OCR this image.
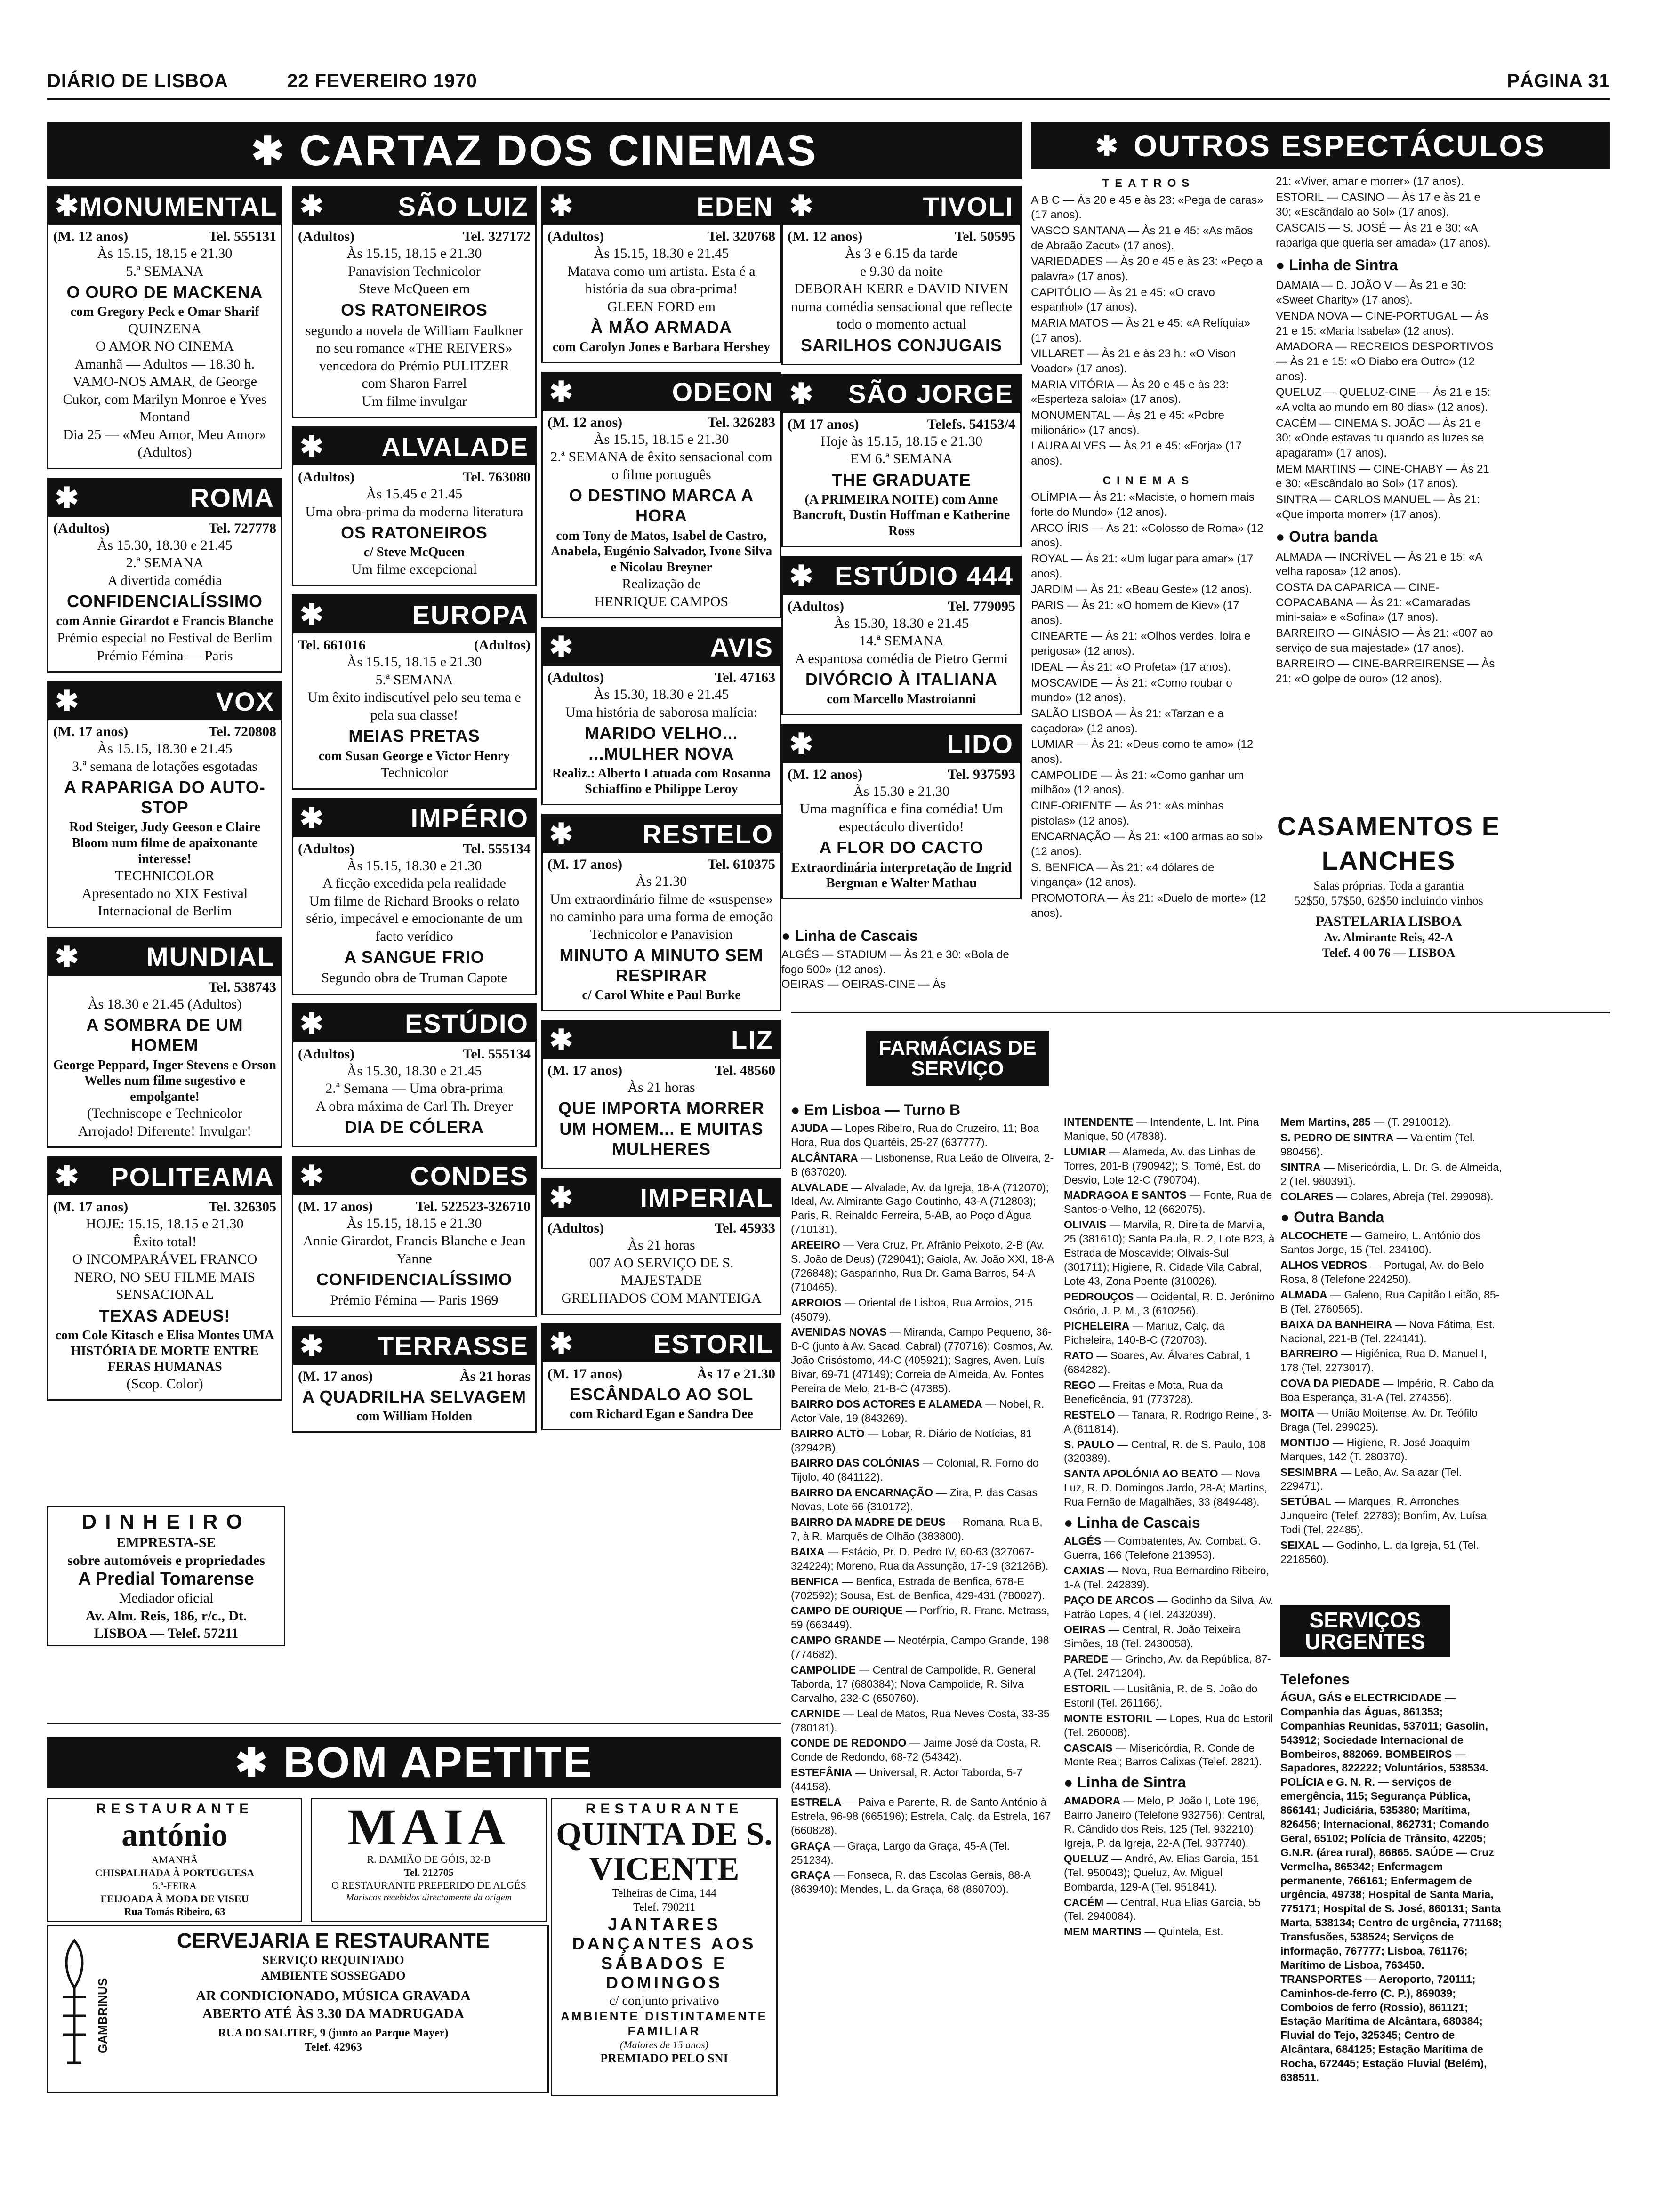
DIÁRIO DE LISBOA	22 FEVEREIRO 1970	PÁGINA 31
✱ CARTAZ DOS CINEMAS	✱ OUTROS ESPECTÁCULOS
✱ MONUMENTAL
(M. 12 anos)	Tel. 555131
Às 15.15, 18.15 e 21.30
5.ª SEMANA
O OURO DE MACKENA
com Gregory Peck e Omar Sharif
QUINZENA
O AMOR NO CINEMA
Amanhã — Adultos — 18.30 h.
VAMO-NOS AMAR, de George Cukor, com Marilyn Monroe e Yves Montand
Dia 25 — «Meu Amor, Meu Amor» (Adultos)
✱	ROMA
(Adultos)	Tel. 727778
Às 15.30, 18.30 e 21.45
2.ª SEMANA
A divertida comédia
CONFIDENCIALÍSSIMO
com Annie Girardot e Francis Blanche
Prémio especial no Festival de Berlim
Prémio Fémina — Paris
✱	VOX
(M. 17 anos)	Tel. 720808
Às 15.15, 18.30 e 21.45
3.ª semana de lotações esgotadas
A RAPARIGA DO AUTO-STOP
Rod Steiger, Judy Geeson e Claire Bloom num filme de apaixonante interesse!
TECHNICOLOR
Apresentado no XIX Festival Internacional de Berlim
✱	MUNDIAL
Tel. 538743
Às 18.30 e 21.45 (Adultos)
A SOMBRA DE UM HOMEM
George Peppard, Inger Stevens e Orson Welles num filme sugestivo e empolgante!
(Techniscope e Technicolor
Arrojado! Diferente! Invulgar!
✱ POLITEAMA
(M. 17 anos)	Tel. 326305
HOJE: 15.15, 18.15 e 21.30
Êxito total!
O INCOMPARÁVEL FRANCO NERO, NO SEU FILME MAIS SENSACIONAL
TEXAS ADEUS!
com Cole Kitasch e Elisa Montes UMA HISTÓRIA DE MORTE ENTRE FERAS HUMANAS
(Scop. Color)
✱	SÃO LUIZ
(Adultos)	Tel. 327172
Às 15.15, 18.15 e 21.30
Panavision Technicolor
Steve McQueen em
OS RATONEIROS
segundo a novela de William Faulkner no seu romance «THE REIVERS» vencedora do Prémio PULITZER
com Sharon Farrel
Um filme invulgar
✱ ALVALADE
(Adultos)	Tel. 763080
Às 15.45 e 21.45
Uma obra-prima da moderna literatura
OS RATONEIROS
c/ Steve McQueen
Um filme excepcional
✱	EUROPA
Tel. 661016	(Adultos)
Às 15.15, 18.15 e 21.30
5.ª SEMANA
Um êxito indiscutível pelo seu tema e pela sua classe!
MEIAS PRETAS
com Susan George e Victor Henry
Technicolor
✱	IMPÉRIO
(Adultos)	Tel. 555134
Às 15.15, 18.30 e 21.30
A ficção excedida pela realidade
Um filme de Richard Brooks o relato sério, impecável e emocionante de um facto verídico
A SANGUE FRIO
Segundo obra de Truman Capote
✱	ESTÚDIO
(Adultos)	Tel. 555134
Às 15.30, 18.30 e 21.45
2.ª Semana — Uma obra-prima
A obra máxima de Carl Th. Dreyer
DIA DE CÓLERA
✱	CONDES
(M. 17 anos)	Tel. 522523-326710
Às 15.15, 18.15 e 21.30
Annie Girardot, Francis Blanche e Jean Yanne
CONFIDENCIALÍSSIMO
Prémio Fémina — Paris 1969
✱ TERRASSE
(M. 17 anos)	Às 21 horas
A QUADRILHA SELVAGEM
com William Holden
✱	EDEN
(Adultos)	Tel. 320768
Às 15.15, 18.30 e 21.45
Matava como um artista. Esta é a história da sua obra-prima!
GLEEN FORD em
À MÃO ARMADA
com Carolyn Jones e Barbara Hershey
✱	ODEON
(M. 12 anos)	Tel. 326283
Às 15.15, 18.15 e 21.30
2.ª SEMANA de êxito sensacional com o filme português
O DESTINO MARCA A HORA
com Tony de Matos, Isabel de Castro, Anabela, Eugénio Salvador, Ivone Silva e Nicolau Breyner
Realização de
HENRIQUE CAMPOS
✱	AVIS
(Adultos)	Tel. 47163
Às 15.30, 18.30 e 21.45
Uma história de saborosa malícia:
MARIDO VELHO... ...MULHER NOVA
Realiz.: Alberto Latuada com Rosanna Schiaffino e Philippe Leroy
✱	RESTELO
(M. 17 anos)	Tel. 610375
Às 21.30
Um extraordinário filme de «suspense» no caminho para uma forma de emoção
Technicolor e Panavision
MINUTO A MINUTO SEM RESPIRAR
c/ Carol White e Paul Burke
✱	LIZ
(M. 17 anos)	Tel. 48560
Às 21 horas
QUE IMPORTA MORRER UM HOMEM... E MUITAS MULHERES
✱	IMPERIAL
(Adultos)	Tel. 45933
Às 21 horas
007 AO SERVIÇO DE S. MAJESTADE
GRELHADOS COM MANTEIGA
✱	ESTORIL
(M. 17 anos)	Às 17 e 21.30
ESCÂNDALO AO SOL
com Richard Egan e Sandra Dee
✱	TIVOLI
(M. 12 anos)	Tel. 50595
Às 3 e 6.15 da tarde
e 9.30 da noite
DEBORAH KERR e DAVID NIVEN
numa comédia sensacional que reflecte todo o momento actual
SARILHOS CONJUGAIS
✱ SÃO JORGE
(M 17 anos)	Telefs. 54153/4
Hoje às 15.15, 18.15 e 21.30
EM 6.ª SEMANA
THE GRADUATE
(A PRIMEIRA NOITE) com Anne Bancroft, Dustin Hoffman e Katherine Ross
✱ ESTÚDIO 444
(Adultos)	Tel. 779095
Às 15.30, 18.30 e 21.45
14.ª SEMANA
A espantosa comédia de Pietro Germi
DIVÓRCIO À ITALIANA
com Marcello Mastroianni
✱	LIDO
(M. 12 anos)	Tel. 937593
Às 15.30 e 21.30
Uma magnífica e fina comédia! Um espectáculo divertido!
A FLOR DO CACTO
Extraordinária interpretação de Ingrid Bergman e Walter Mathau
● Linha de Cascais
ALGÉS — STADIUM — Às 21 e 30: «Bola de fogo 500» (12 anos).
OEIRAS — OEIRAS-CINE — Às
DINHEIRO
EMPRESTA-SE
sobre automóveis e propriedades
A Predial Tomarense
Mediador oficial
Av. Alm. Reis, 186, r/c., Dt.
LISBOA — Telef. 57211
TEATROS

A B C — Às 20 e 45 e às 23: «Pega de caras» (17 anos).

VASCO SANTANA — Às 21 e 45: «As mãos de Abraão Zacut» (17 anos).

VARIEDADES — Às 20 e 45 e às 23: «Peço a palavra» (17 anos).

CAPITÓLIO — Às 21 e 45: «O cravo espanhol» (17 anos).

MARIA MATOS — Às 21 e 45: «A Relíquia» (17 anos).

VILLARET — Às 21 e às 23 h.: «O Vison Voador» (17 anos).

MARIA VITÓRIA — Às 20 e 45 e às 23: «Esperteza saloia» (17 anos).

MONUMENTAL — Às 21 e 45: «Pobre milionário» (17 anos).

LAURA ALVES — Às 21 e 45: «Forja» (17 anos).

CINEMAS

OLÍMPIA — Às 21: «Maciste, o homem mais forte do Mundo» (12 anos).

ARCO ÍRIS — Às 21: «Colosso de Roma» (12 anos).

ROYAL — Às 21: «Um lugar para amar» (17 anos).

JARDIM — Às 21: «Beau Geste» (12 anos).

PARIS — Às 21: «O homem de Kiev» (17 anos).

CINEARTE — Às 21: «Olhos verdes, loira e perigosa» (12 anos).

IDEAL — Às 21: «O Profeta» (17 anos).

MOSCAVIDE — Às 21: «Como roubar o mundo» (12 anos).

SALÃO LISBOA — Às 21: «Tarzan e a caçadora» (12 anos).

LUMIAR — Às 21: «Deus como te amo» (12 anos).

CAMPOLIDE — Às 21: «Como ganhar um milhão» (12 anos).

CINE-ORIENTE — Às 21: «As minhas pistolas» (12 anos).

ENCARNAÇÃO — Às 21: «100 armas ao sol» (12 anos).

S. BENFICA — Às 21: «4 dólares de vingança» (12 anos).

PROMOTORA — Às 21: «Duelo de morte» (12 anos).

21: «Viver, amar e morrer» (17 anos).

ESTORIL — CASINO — Às 17 e às 21 e 30: «Escândalo ao Sol» (17 anos).

CASCAIS — S. JOSÉ — Às 21 e 30: «A rapariga que queria ser amada» (17 anos).

● Linha de Sintra

DAMAIA — D. JOÃO V — Às 21 e 30: «Sweet Charity» (17 anos).

VENDA NOVA — CINE-PORTUGAL — Às 21 e 15: «Maria Isabela» (12 anos).

AMADORA — RECREIOS DESPORTIVOS — Às 21 e 15: «O Diabo era Outro» (12 anos).

QUELUZ — QUELUZ-CINE — Às 21 e 15: «A volta ao mundo em 80 dias» (12 anos).

CACÉM — CINEMA S. JOÃO — Às 21 e 30: «Onde estavas tu quando as luzes se apagaram» (17 anos).

MEM MARTINS — CINE-CHABY — Às 21 e 30: «Escândalo ao Sol» (17 anos).

SINTRA — CARLOS MANUEL — Às 21: «Que importa morrer» (17 anos).

● Outra banda

ALMADA — INCRÍVEL — Às 21 e 15: «A velha raposa» (12 anos).

COSTA DA CAPARICA — CINE-COPACABANA — Às 21: «Camaradas mini-saia» e «Sofina» (17 anos).

BARREIRO — GINÁSIO — Às 21: «007 ao serviço de sua majestade» (17 anos).

BARREIRO — CINE-BARREIRENSE — Às 21: «O golpe de ouro» (12 anos).

CASAMENTOS E LANCHES
Salas próprias. Toda a garantia
52$50, 57$50, 62$50 incluindo vinhos
PASTELARIA LISBOA
Av. Almirante Reis, 42-A
Telef. 4 00 76 — LISBOA
FARMÁCIAS DE SERVIÇO
● Em Lisboa — Turno B
AJUDA — Lopes Ribeiro, Rua do Cruzeiro, 11; Boa Hora, Rua dos Quartéis, 25-27 (637777).
ALCÂNTARA — Lisbonense, Rua Leão de Oliveira, 2-B (637020).
ALVALADE — Alvalade, Av. da Igreja, 18-A (712070); Ideal, Av. Almirante Gago Coutinho, 43-A (712803); Paris, R. Reinaldo Ferreira, 5-AB, ao Poço d'Água (710131).
AREEIRO — Vera Cruz, Pr. Afrânio Peixoto, 2-B (Av. S. João de Deus) (729041); Gaiola, Av. João XXI, 18-A (726848); Gasparinho, Rua Dr. Gama Barros, 54-A (710465).
ARROIOS — Oriental de Lisboa, Rua Arroios, 215 (45079).
AVENIDAS NOVAS — Miranda, Campo Pequeno, 36-B-C (junto à Av. Sacad. Cabral) (770716); Cosmos, Av. João Crisóstomo, 44-C (405921); Sagres, Aven. Luís Bívar, 69-71 (47149); Correia de Almeida, Av. Fontes Pereira de Melo, 21-B-C (47385).
BAIRRO DOS ACTORES E ALAMEDA — Nobel, R. Actor Vale, 19 (843269).
BAIRRO ALTO — Lobar, R. Diário de Notícias, 81 (32942B).
BAIRRO DAS COLÓNIAS — Colonial, R. Forno do Tijolo, 40 (841122).
BAIRRO DA ENCARNAÇÃO — Zira, P. das Casas Novas, Lote 66 (310172).
BAIRRO DA MADRE DE DEUS — Romana, Rua B, 7, à R. Marquês de Olhão (383800).
BAIXA — Estácio, Pr. D. Pedro IV, 60-63 (327067-324224); Moreno, Rua da Assunção, 17-19 (32126B).
BENFICA — Benfica, Estrada de Benfica, 678-E (702592); Sousa, Est. de Benfica, 429-431 (780027).
CAMPO DE OURIQUE — Porfírio, R. Franc. Metrass, 59 (663449).
CAMPO GRANDE — Neotérpia, Campo Grande, 198 (774682).
CAMPOLIDE — Central de Campolide, R. General Taborda, 17 (680384); Nova Campolide, R. Silva Carvalho, 232-C (650760).
CARNIDE — Leal de Matos, Rua Neves Costa, 33-35 (780181).
CONDE DE REDONDO — Jaime José da Costa, R. Conde de Redondo, 68-72 (54342).
ESTEFÂNIA — Universal, R. Actor Taborda, 5-7 (44158).
ESTRELA — Paiva e Parente, R. de Santo António à Estrela, 96-98 (665196); Estrela, Calç. da Estrela, 167 (660828).
GRAÇA — Graça, Largo da Graça, 45-A (Tel. 251234).
GRAÇA — Fonseca, R. das Escolas Gerais, 88-A (863940); Mendes, L. da Graça, 68 (860700).
INTENDENTE — Intendente, L. Int. Pina Manique, 50 (47838).
LUMIAR — Alameda, Av. das Linhas de Torres, 201-B (790942); S. Tomé, Est. do Desvio, Lote 12-C (790704).
MADRAGOA E SANTOS — Fonte, Rua de Santos-o-Velho, 12 (662075).
OLIVAIS — Marvila, R. Direita de Marvila, 25 (381610); Santa Paula, R. 2, Lote B23, à Estrada de Moscavide; Olivais-Sul (301711); Higiene, R. Cidade Vila Cabral, Lote 43, Zona Poente (310026).
PEDROUÇOS — Ocidental, R. D. Jerónimo Osório, J. P. M., 3 (610256).
PICHELEIRA — Mariuz, Calç. da Picheleira, 140-B-C (720703).
RATO — Soares, Av. Álvares Cabral, 1 (684282).
REGO — Freitas e Mota, Rua da Beneficência, 91 (773728).
RESTELO — Tanara, R. Rodrigo Reinel, 3-A (611814).
S. PAULO — Central, R. de S. Paulo, 108 (320389).
SANTA APOLÓNIA AO BEATO — Nova Luz, R. D. Domingos Jardo, 28-A; Martins, Rua Fernão de Magalhães, 33 (849448).
● Linha de Cascais
ALGÉS — Combatentes, Av. Combat. G. Guerra, 166 (Telefone 213953).
CAXIAS — Nova, Rua Bernardino Ribeiro, 1-A (Tel. 242839).
PAÇO DE ARCOS — Godinho da Silva, Av. Patrão Lopes, 4 (Tel. 2432039).
OEIRAS — Central, R. João Teixeira Simões, 18 (Tel. 2430058).
PAREDE — Grincho, Av. da República, 87-A (Tel. 2471204).
ESTORIL — Lusitânia, R. de S. João do Estoril (Tel. 261166).
MONTE ESTORIL — Lopes, Rua do Estoril (Tel. 260008).
CASCAIS — Misericórdia, R. Conde de Monte Real; Barros Calixas (Telef. 2821).
● Linha de Sintra
AMADORA — Melo, P. João I, Lote 196, Bairro Janeiro (Telefone 932756); Central, R. Cândido dos Reis, 125 (Tel. 932210); Igreja, P. da Igreja, 22-A (Tel. 937740).
QUELUZ — André, Av. Elias Garcia, 151 (Tel. 950043); Queluz, Av. Miguel Bombarda, 129-A (Tel. 951841).
CACÉM — Central, Rua Elias Garcia, 55 (Tel. 2940084).
MEM MARTINS — Quintela, Est.
Mem Martins, 285 — (T. 2910012).
S. PEDRO DE SINTRA — Valentim (Tel. 980456).
SINTRA — Misericórdia, L. Dr. G. de Almeida, 2 (Tel. 980391).
COLARES — Colares, Abreja (Tel. 299098).
● Outra Banda
ALCOCHETE — Gameiro, L. António dos Santos Jorge, 15 (Tel. 234100).
ALHOS VEDROS — Portugal, Av. do Belo Rosa, 8 (Telefone 224250).
ALMADA — Galeno, Rua Capitão Leitão, 85-B (Tel. 2760565).
BAIXA DA BANHEIRA — Nova Fátima, Est. Nacional, 221-B (Tel. 224141).
BARREIRO — Higiénica, Rua D. Manuel I, 178 (Tel. 2273017).
COVA DA PIEDADE — Império, R. Cabo da Boa Esperança, 31-A (Tel. 274356).
MOITA — União Moitense, Av. Dr. Teófilo Braga (Tel. 299025).
MONTIJO — Higiene, R. José Joaquim Marques, 142 (T. 280370).
SESIMBRA — Leão, Av. Salazar (Tel. 229471).
SETÚBAL — Marques, R. Arronches Junqueiro (Telef. 22783); Bonfim, Av. Luísa Todi (Tel. 22485).
SEIXAL — Godinho, L. da Igreja, 51 (Tel. 2218560).
SERVIÇOS URGENTES
Telefones
ÁGUA, GÁS e ELECTRICIDADE — Companhia das Águas, 861353; Companhias Reunidas, 537011; Gasolin, 543912; Sociedade Internacional de Bombeiros, 882069. BOMBEIROS — Sapadores, 822222; Voluntários, 538534. POLÍCIA e G. N. R. — serviços de emergência, 115; Segurança Pública, 866141; Judiciária, 535380; Marítima, 826456; Internacional, 862731; Comando Geral, 65102; Polícia de Trânsito, 42205; G.N.R. (área rural), 86865. SAÚDE — Cruz Vermelha, 865342; Enfermagem permanente, 766161; Enfermagem de urgência, 49738; Hospital de Santa Maria, 775171; Hospital de S. José, 860131; Santa Marta, 538134; Centro de urgência, 771168; Transfusões, 538524; Serviços de informação, 767777; Lisboa, 761176; Marítimo de Lisboa, 763450. TRANSPORTES — Aeroporto, 720111; Caminhos-de-ferro (C. P.), 869039; Comboios de ferro (Rossio), 861121; Estação Marítima de Alcântara, 680384; Fluvial do Tejo, 325345; Centro de Alcântara, 684125; Estação Marítima de Rocha, 672445; Estação Fluvial (Belém), 638511.
✱ BOM APETITE
RESTAURANTE
antónio
AMANHÃ
CHISPALHADA À PORTUGUESA
5.ª-FEIRA
FEIJOADA À MODA DE VISEU
Rua Tomás Ribeiro, 63
MAIA
R. DAMIÃO DE GÓIS, 32-B
Tel. 212705
O RESTAURANTE PREFERIDO DE ALGÉS
Mariscos recebidos directamente da origem
RESTAURANTE
QUINTA DE S. VICENTE
Telheiras de Cima, 144
Telef. 790211
JANTARES DANÇANTES AOS SÁBADOS E DOMINGOS
c/ conjunto privativo
AMBIENTE DISTINTAMENTE FAMILIAR
(Maiores de 15 anos)
PREMIADO PELO SNI
GAMBRINUS
CERVEJARIA E RESTAURANTE
SERVIÇO REQUINTADO
AMBIENTE SOSSEGADO
AR CONDICIONADO, MÚSICA GRAVADA
ABERTO ATÉ ÀS 3.30 DA MADRUGADA
RUA DO SALITRE, 9 (junto ao Parque Mayer)
Telef. 42963
